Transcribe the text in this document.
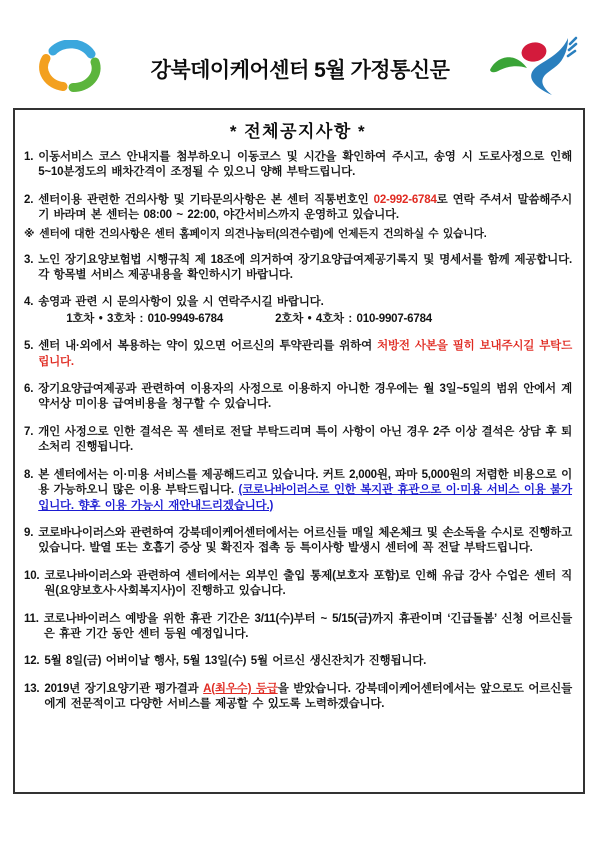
강북데이케어센터 5월 가정통신문
* 전체공지사항 *
1. 이동서비스 코스 안내지를 첨부하오니 이동코스 및 시간을 확인하여 주시고, 송영 시 도로사정으로 인해 5~10분정도의 배차간격이 조정될 수 있으니 양해 부탁드립니다.
2. 센터이용 관련한 건의사항 및 기타문의사항은 본 센터 직통번호인 02-992-6784로 연락 주셔서 말씀해주시기 바라며 본 센터는 08:00 ~ 22:00, 야간서비스까지 운영하고 있습니다.
※ 센터에 대한 건의사항은 센터 홈페이지 의견나눔터(의견수렴)에 언제든지 건의하실 수 있습니다.
3. 노인 장기요양보험법 시행규칙 제 18조에 의거하여 장기요양급여제공기록지 및 명세서를 함께 제공합니다. 각 항목별 서비스 제공내용을 확인하시기 바랍니다.
4. 송영과 관련 시 문의사항이 있을 시 연락주시길 바랍니다.
1호차 • 3호차 : 010-9949-6784	2호차 • 4호차 : 010-9907-6784
5. 센터 내·외에서 복용하는 약이 있으면 어르신의 투약관리를 위하여 처방전 사본을 필히 보내주시길 부탁드립니다.
6. 장기요양급여제공과 관련하여 이용자의 사정으로 이용하지 아니한 경우에는 월 3일~5일의 범위 안에서 계약서상 미이용 급여비용을 청구할 수 있습니다.
7. 개인 사정으로 인한 결석은 꼭 센터로 전달 부탁드리며 특이 사항이 아닌 경우 2주 이상 결석은 상담 후 퇴소처리 진행됩니다.
8. 본 센터에서는 이·미용 서비스를 제공해드리고 있습니다. 커트 2,000원, 파마 5,000원의 저렴한 비용으로 이용 가능하오니 많은 이용 부탁드립니다. (코로나바이러스로 인한 복지관 휴관으로 이·미용 서비스 이용 불가입니다. 향후 이용 가능시 재안내드리겠습니다.)
9. 코로바나이러스와 관련하여 강북데이케어센터에서는 어르신들 매일 체온체크 및 손소독을 수시로 진행하고 있습니다. 발열 또는 호흡기 증상 및 확진자 접촉 등 특이사항 발생시 센터에 꼭 전달 부탁드립니다.
10. 코로나바이러스와 관련하여 센터에서는 외부인 출입 통제(보호자 포함)로 인해 유급 강사 수업은 센터 직원(요양보호사·사회복지사)이 진행하고 있습니다.
11. 코로나바이러스 예방을 위한 휴관 기간은 3/11(수)부터 ~ 5/15(금)까지 휴관이며 ‘긴급돌봄’ 신청 어르신들은 휴관 기간 동안 센터 등원 예정입니다.
12. 5월 8일(금) 어버이날 행사, 5월 13일(수) 5월 어르신 생신잔치가 진행됩니다.
13. 2019년 장기요양기관 평가결과 A(최우수) 등급을 받았습니다. 강북데이케어센터에서는 앞으로도 어르신들에게 전문적이고 다양한 서비스를 제공할 수 있도록 노력하겠습니다.
